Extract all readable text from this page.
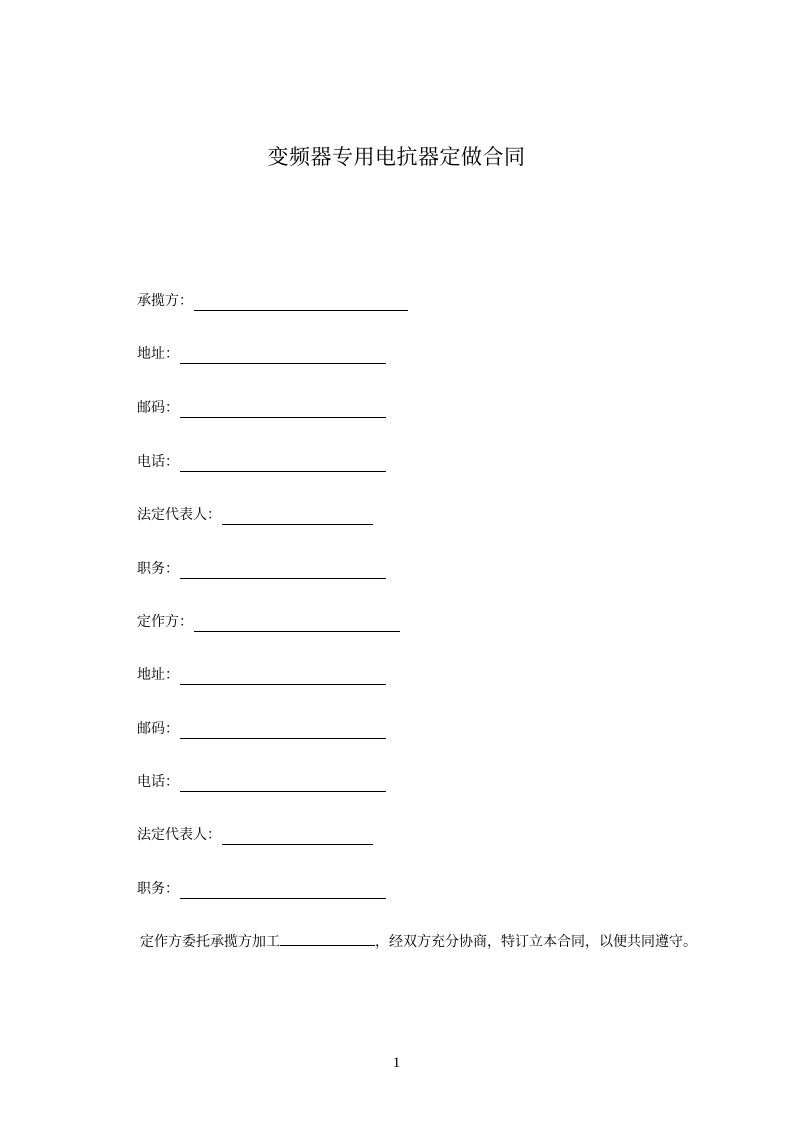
变频器专用电抗器定做合同
承揽方：
地址：
邮码：
电话：
法定代表人：
职务：
定作方：
地址：
邮码：
电话：
法定代表人：
职务：
定作方委托承揽方加工	，经双方充分协商，特订立本合同，以便共同遵守。
1
